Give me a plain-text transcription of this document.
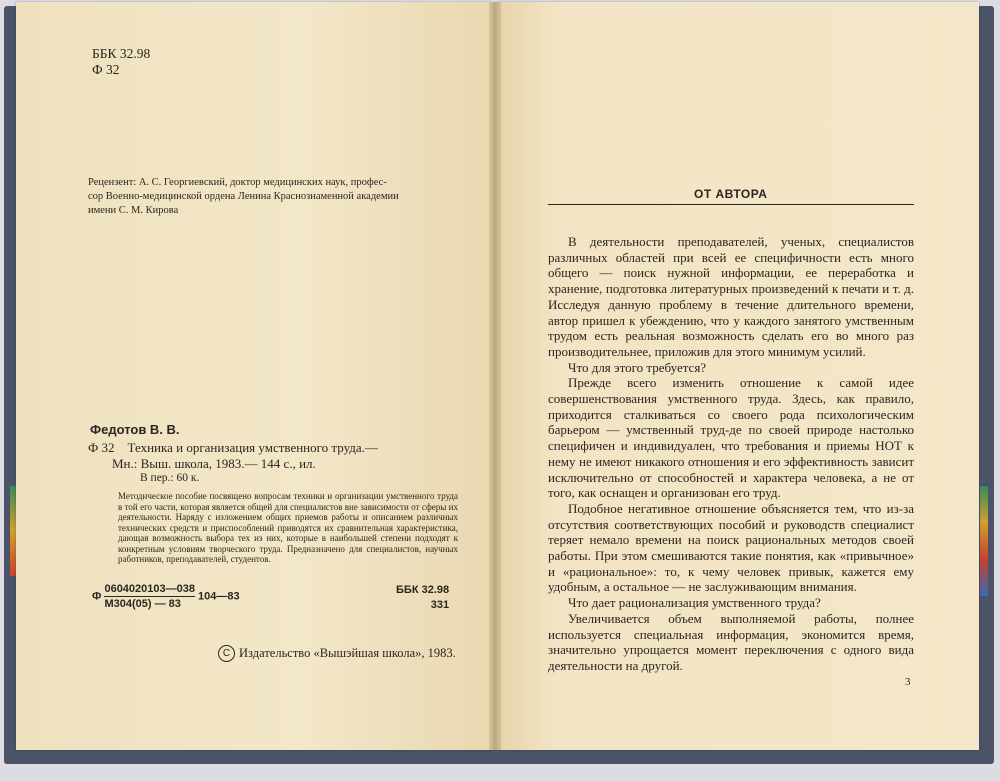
ББК 32.98
Ф 32

Рецензент: А. С. Георгиевский, доктор медицинских наук, профес-

сор Военно-медицинской ордена Ленина Краснознаменной академии

имени С. М. Кирова

Федотов В. В.
Ф 32    Техника и организация умственного труда.—
Мн.: Выш. школа, 1983.— 144 с., ил.
В пер.: 60 к.
Методическое пособие посвящено вопросам техники и организации умственного труда в той его части, которая является общей для специалистов вне зависимости от сферы их деятельности. Наряду с изложением общих приемов работы и описанием различных технических средств и приспособлений приводятся их сравнительная характеристика, дающая возможность выбора тех из них, которые в наибольшей степени подходят к конкретным условиям творческого труда. Предназначено для специалистов, научных работников, преподавателей, студентов.
Ф $\frac{0604020103—038}{М304(05) — 83}$ 104—83
ББК 32.98
331
C Издательство «Вышэйшая школа», 1983.
ОТ АВТОРА

В деятельности преподавателей, ученых, специалистов различных областей при всей ее специфичности есть много общего — поиск нужной информации, ее переработка и хранение, подготовка литературных произведений к печати и т. д. Исследуя данную проблему в течение длительного времени, автор пришел к убеждению, что у каждого занятого умственным трудом есть реальная возможность сделать его во много раз производительнее, приложив для этого минимум усилий.

Что для этого требуется?

Прежде всего изменить отношение к самой идее совершенствования умственного труда. Здесь, как правило, приходится сталкиваться со своего рода психологическим барьером — умственный труд-де по своей природе настолько специфичен и индивидуален, что требования и приемы НОТ к нему не имеют никакого отношения и его эффективность зависит исключительно от способностей и характера человека, а не от того, как оснащен и организован его труд.

Подобное негативное отношение объясняется тем, что из-за отсутствия соответствующих пособий и руководств специалист теряет немало времени на поиск рациональных методов своей работы. При этом смешиваются такие понятия, как «привычное» и «рациональное»: то, к чему человек привык, кажется ему удобным, а остальное — не заслуживающим внимания.

Что дает рационализация умственного труда?

Увеличивается объем выполняемой работы, полнее используется специальная информация, экономится время, значительно упрощается момент переключения с одного вида деятельности на другой.

3
